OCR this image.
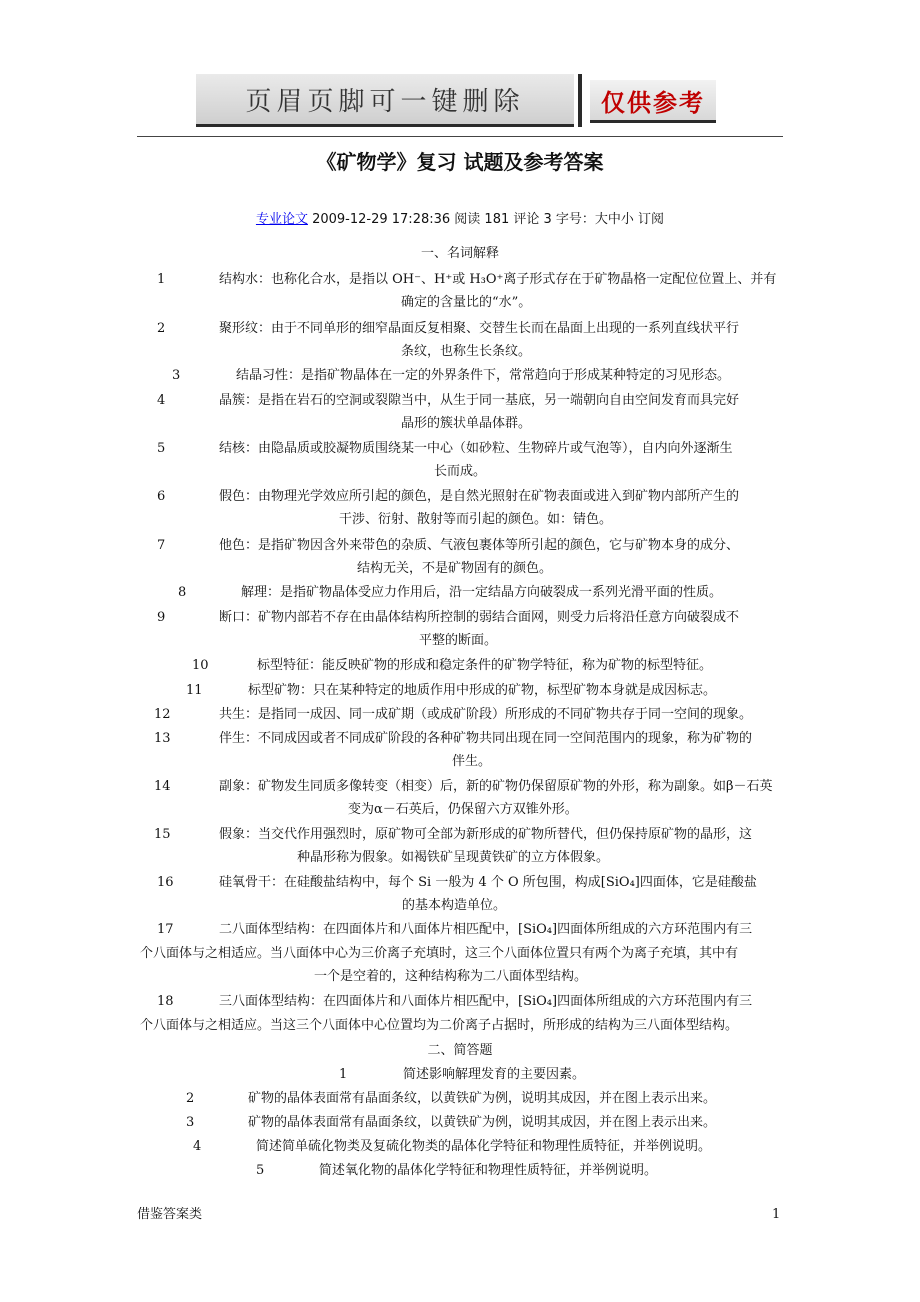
页眉页脚可一键删除	仅供参考
《矿物学》复习 试题及参考答案
专业论文 2009-12-29 17:28:36 阅读 181 评论 3 字号：大中小 订阅
一、名词解释
1	结构水：也称化合水，是指以 OH⁻、H⁺或 H₃O⁺离子形式存在于矿物晶格一定配位位置上、并有
确定的含量比的“水”。
2	聚形纹：由于不同单形的细窄晶面反复相聚、交替生长而在晶面上出现的一系列直线状平行
条纹，也称生长条纹。
3	结晶习性：是指矿物晶体在一定的外界条件下，常常趋向于形成某种特定的习见形态。
4	晶簇：是指在岩石的空洞或裂隙当中，从生于同一基底，另一端朝向自由空间发育而具完好
晶形的簇状单晶体群。
5	结核：由隐晶质或胶凝物质围绕某一中心（如砂粒、生物碎片或气泡等），自内向外逐渐生
长而成。
6	假色：由物理光学效应所引起的颜色，是自然光照射在矿物表面或进入到矿物内部所产生的
干涉、衍射、散射等而引起的颜色。如：锖色。
7	他色：是指矿物因含外来带色的杂质、气液包裹体等所引起的颜色，它与矿物本身的成分、
结构无关，不是矿物固有的颜色。
8	解理：是指矿物晶体受应力作用后，沿一定结晶方向破裂成一系列光滑平面的性质。
9	断口：矿物内部若不存在由晶体结构所控制的弱结合面网，则受力后将沿任意方向破裂成不
平整的断面。
10	标型特征：能反映矿物的形成和稳定条件的矿物学特征，称为矿物的标型特征。
11	标型矿物：只在某种特定的地质作用中形成的矿物，标型矿物本身就是成因标志。
12	共生：是指同一成因、同一成矿期（或成矿阶段）所形成的不同矿物共存于同一空间的现象。
13	伴生：不同成因或者不同成矿阶段的各种矿物共同出现在同一空间范围内的现象，称为矿物的
伴生。
14	副象：矿物发生同质多像转变（相变）后，新的矿物仍保留原矿物的外形，称为副象。如β－石英
变为α－石英后，仍保留六方双锥外形。
15	假象：当交代作用强烈时，原矿物可全部为新形成的矿物所替代，但仍保持原矿物的晶形，这
种晶形称为假象。如褐铁矿呈现黄铁矿的立方体假象。
16	硅氧骨干：在硅酸盐结构中，每个 Si 一般为 4 个 O 所包围，构成[SiO₄]四面体，它是硅酸盐
的基本构造单位。
17	二八面体型结构：在四面体片和八面体片相匹配中，[SiO₄]四面体所组成的六方环范围内有三
个八面体与之相适应。当八面体中心为三价离子充填时，这三个八面体位置只有两个为离子充填，其中有
一个是空着的，这种结构称为二八面体型结构。
18	三八面体型结构：在四面体片和八面体片相匹配中，[SiO₄]四面体所组成的六方环范围内有三
个八面体与之相适应。当这三个八面体中心位置均为二价离子占据时，所形成的结构为三八面体型结构。
二、简答题
1	简述影响解理发育的主要因素。
2	矿物的晶体表面常有晶面条纹，以黄铁矿为例，说明其成因，并在图上表示出来。
3	矿物的晶体表面常有晶面条纹，以黄铁矿为例，说明其成因，并在图上表示出来。
4	简述简单硫化物类及复硫化物类的晶体化学特征和物理性质特征，并举例说明。
5	简述氧化物的晶体化学特征和物理性质特征，并举例说明。
借鉴答案类	1
